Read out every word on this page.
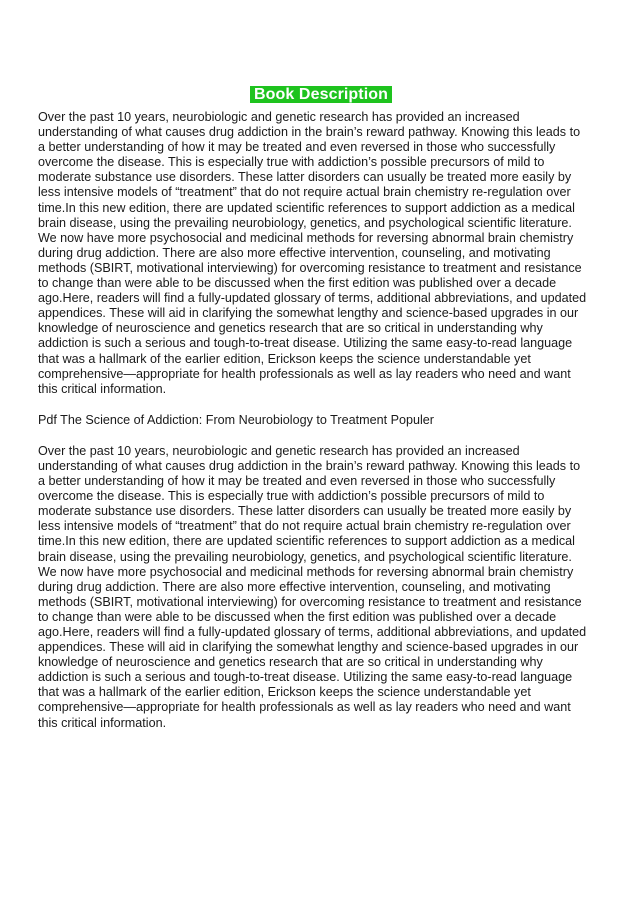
Book Description
Over the past 10 years, neurobiologic and genetic research has provided an increased
understanding of what causes drug addiction in the brain’s reward pathway. Knowing this leads to
a better understanding of how it may be treated and even reversed in those who successfully
overcome the disease. This is especially true with addiction’s possible precursors of mild to
moderate substance use disorders. These latter disorders can usually be treated more easily by
less intensive models of “treatment” that do not require actual brain chemistry re-regulation over
time.In this new edition, there are updated scientific references to support addiction as a medical
brain disease, using the prevailing neurobiology, genetics, and psychological scientific literature.
We now have more psychosocial and medicinal methods for reversing abnormal brain chemistry
during drug addiction. There are also more effective intervention, counseling, and motivating
methods (SBIRT, motivational interviewing) for overcoming resistance to treatment and resistance
to change than were able to be discussed when the first edition was published over a decade
ago.Here, readers will find a fully-updated glossary of terms, additional abbreviations, and updated
appendices. These will aid in clarifying the somewhat lengthy and science-based upgrades in our
knowledge of neuroscience and genetics research that are so critical in understanding why
addiction is such a serious and tough-to-treat disease. Utilizing the same easy-to-read language
that was a hallmark of the earlier edition, Erickson keeps the science understandable yet
comprehensive—appropriate for health professionals as well as lay readers who need and want
this critical information.
Pdf The Science of Addiction: From Neurobiology to Treatment Populer
Over the past 10 years, neurobiologic and genetic research has provided an increased
understanding of what causes drug addiction in the brain’s reward pathway. Knowing this leads to
a better understanding of how it may be treated and even reversed in those who successfully
overcome the disease. This is especially true with addiction’s possible precursors of mild to
moderate substance use disorders. These latter disorders can usually be treated more easily by
less intensive models of “treatment” that do not require actual brain chemistry re-regulation over
time.In this new edition, there are updated scientific references to support addiction as a medical
brain disease, using the prevailing neurobiology, genetics, and psychological scientific literature.
We now have more psychosocial and medicinal methods for reversing abnormal brain chemistry
during drug addiction. There are also more effective intervention, counseling, and motivating
methods (SBIRT, motivational interviewing) for overcoming resistance to treatment and resistance
to change than were able to be discussed when the first edition was published over a decade
ago.Here, readers will find a fully-updated glossary of terms, additional abbreviations, and updated
appendices. These will aid in clarifying the somewhat lengthy and science-based upgrades in our
knowledge of neuroscience and genetics research that are so critical in understanding why
addiction is such a serious and tough-to-treat disease. Utilizing the same easy-to-read language
that was a hallmark of the earlier edition, Erickson keeps the science understandable yet
comprehensive—appropriate for health professionals as well as lay readers who need and want
this critical information.
